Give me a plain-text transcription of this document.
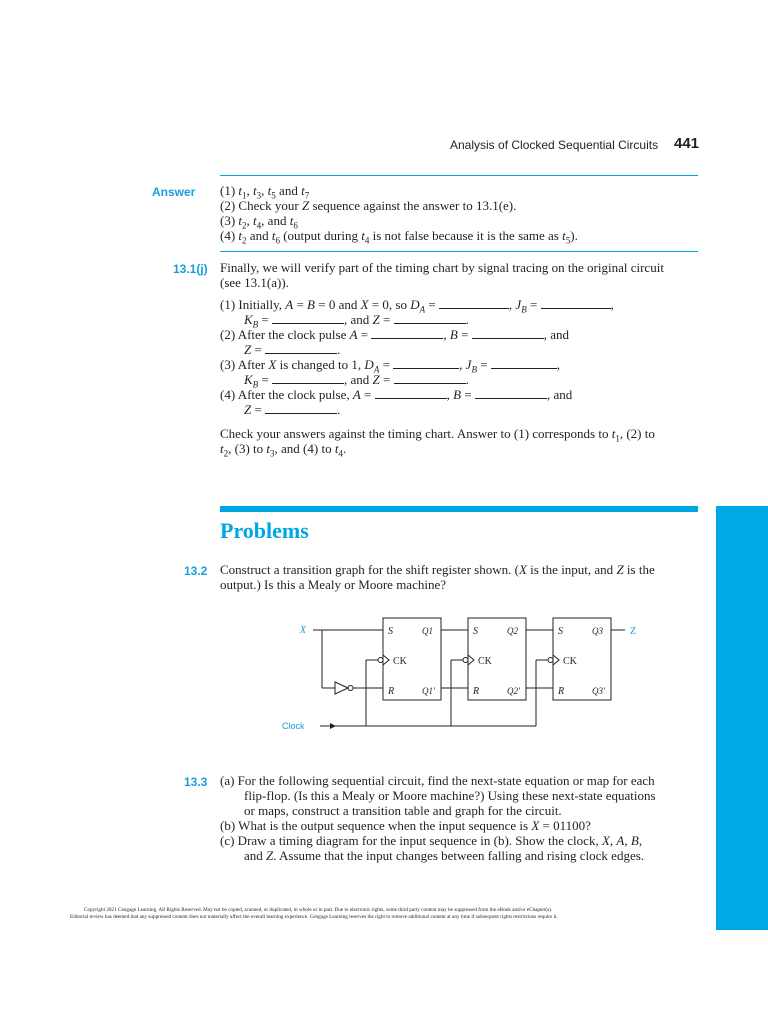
Analysis of Clocked Sequential Circuits 441
Answer (1) $t_1$, $t_3$, $t_5$ and $t_7$
(2) Check your Z sequence against the answer to 13.1(e).
(3) $t_2$, $t_4$, and $t_6$
(4) $t_2$ and $t_6$ (output during $t_4$ is not false because it is the same as $t_5$).
13.1(j) Finally, we will verify part of the timing chart by signal tracing on the original circuit
(see 13.1(a)).
(1) Initially, A = B = 0 and X = 0, so $D_A$ =	, $J_B$ =	,
$K_B$ =	, and Z =	.
(2) After the clock pulse A =	, B =	, and
Z =	.
(3) After X is changed to 1, $D_A$ =	, $J_B$ =	,
$K_B$ =	, and Z =	.
(4) After the clock pulse, A =	, B =	, and
Z =	.
Check your answers against the timing chart. Answer to (1) corresponds to $t_1$, (2) to
$t_2$, (3) to $t_3$, and (4) to $t_4$.
Problems
13.2 Construct a transition graph for the shift register shown. (X is the input, and Z is the
output.) Is this a Mealy or Moore machine?
X	Z
Clock
S	S	S
R	R	R
Q1	Q2	Q3
Q1'	Q2'	Q3'
CK	CK	CK
13.3 (a) For the following sequential circuit, find the next-state equation or map for each
flip-flop. (Is this a Mealy or Moore machine?) Using these next-state equations
or maps, construct a transition table and graph for the circuit.
(b) What is the output sequence when the input sequence is X = 01100?
(c) Draw a timing diagram for the input sequence in (b). Show the clock, X, A, B,
and Z. Assume that the input changes between falling and rising clock edges.
Copyright 2021 Cengage Learning. All Rights Reserved. May not be copied, scanned, or duplicated, in whole or in part. Due to electronic rights, some third party content may be suppressed from the eBook and/or eChapter(s).
Editorial review has deemed that any suppressed content does not materially affect the overall learning experience. Cengage Learning reserves the right to remove additional content at any time if subsequent rights restrictions require it.
